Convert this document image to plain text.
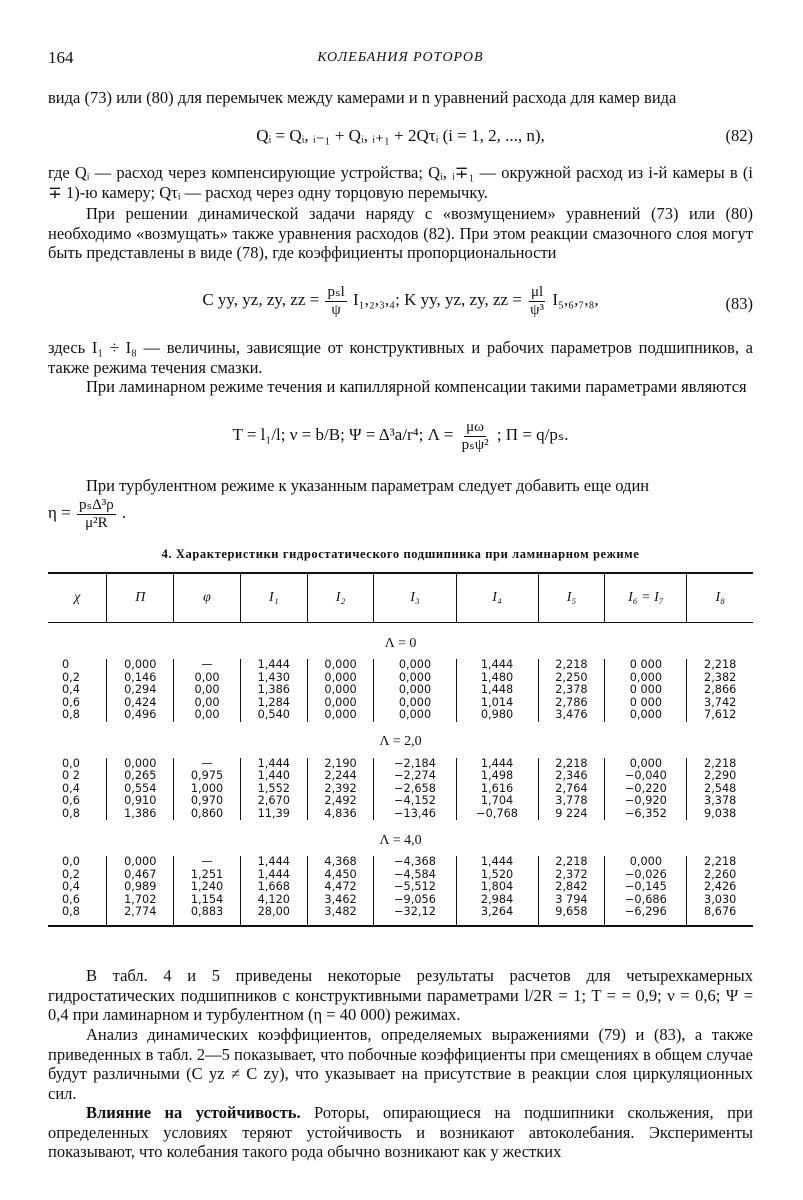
164	КОЛЕБАНИЯ РОТОРОВ

вида (73) или (80) для перемычек между камерами и n уравнений расхода для камер вида

Qᵢ = Qᵢ, ᵢ₋₁ + Qᵢ, ᵢ₊₁ + 2Qτᵢ (i = 1, 2, ..., n),	(82)

где Qᵢ — расход через компенсирующие устройства; Qᵢ, ᵢ∓₁ — окружной расход из i-й камеры в (i ∓ 1)-ю камеру; Qτᵢ — расход через одну торцовую перемычку.

При решении динамической задачи наряду с «возмущением» уравнений (73) или (80) необходимо «возмущать» также уравнения расходов (82). При этом реакции смазочного слоя могут быть представлены в виде (78), где коэффициенты пропорциональности

C yy, yz, zy, zz = $\frac{\text{pₛl}}{\psi} I_1,_2,_3,_4$; K yy, yz, zy, zz = $\frac{\mu l}{\text{ψ³}} I_5,_6,_7,_8$,	(83)

здесь I₁ ÷ I₈ — величины, зависящие от конструктивных и рабочих параметров подшипников, а также режима течения смазки.

При ламинарном режиме течения и капиллярной компенсации такими параметрами являются

T = l₁/l; ν = b/B; Ψ = Δ³a/r⁴; $\Lambda = \frac{\mu\omega}{\text{pₛψ²}}$ ; Π = q/pₛ.

При турбулентном режиме к указанным параметрам следует добавить еще один

$\eta = \frac{\text{pₛΔ³ρ}}{\text{μ²R}}$ .
4. Характеристики гидростатического подшипника при ламинарном режиме
χ	Π	φ	I₁	I₂	I₃	I₄	I₅	I₆ = I₇	I₈
Λ = 0									
0	0,000	—	1,444	0,000	0,000	1,444	2,218	0 000	2,218
0,2	0,146	0,00	1,430	0,000	0,000	1,480	2,250	0,000	2,382
0,4	0,294	0,00	1,386	0,000	0,000	1,448	2,378	0 000	2,866
0,6	0,424	0,00	1,284	0,000	0,000	1,014	2,786	0 000	3,742
0,8	0,496	0,00	0,540	0,000	0,000	0,980	3,476	0,000	7,612
Λ = 2,0									
0,0	0,000	—	1,444	2,190	−2,184	1,444	2,218	0,000	2,218
0 2	0,265	0,975	1,440	2,244	−2,274	1,498	2,346	−0,040	2,290
0,4	0,554	1,000	1,552	2,392	−2,658	1,616	2,764	−0,220	2,548
0,6	0,910	0,970	2,670	2,492	−4,152	1,704	3,778	−0,920	3,378
0,8	1,386	0,860	11,39	4,836	−13,46	−0,768	9 224	−6,352	9,038
Λ = 4,0									
0,0	0,000	—	1,444	4,368	−4,368	1,444	2,218	0,000	2,218
0,2	0,467	1,251	1,444	4,450	−4,584	1,520	2,372	−0,026	2,260
0,4	0,989	1,240	1,668	4,472	−5,512	1,804	2,842	−0,145	2,426
0,6	1,702	1,154	4,120	3,462	−9,056	2,984	3 794	−0,686	3,030
0,8	2,774	0,883	28,00	3,482	−32,12	3,264	9,658	−6,296	8,676

В табл. 4 и 5 приведены некоторые результаты расчетов для четырехкамерных гидростатических подшипников с конструктивными параметрами l/2R = 1; T = = 0,9; ν = 0,6; Ψ = 0,4 при ламинарном и турбулентном (η = 40 000) режимах.

Анализ динамических коэффициентов, определяемых выражениями (79) и (83), а также приведенных в табл. 2—5 показывает, что побочные коэффициенты при смещениях в общем случае будут различными (C yz ≠ C zy), что указывает на присутствие в реакции слоя циркуляционных сил.

Влияние на устойчивость. Роторы, опирающиеся на подшипники скольжения, при определенных условиях теряют устойчивость и возникают автоколебания. Эксперименты показывают, что колебания такого рода обычно возникают как у жестких
